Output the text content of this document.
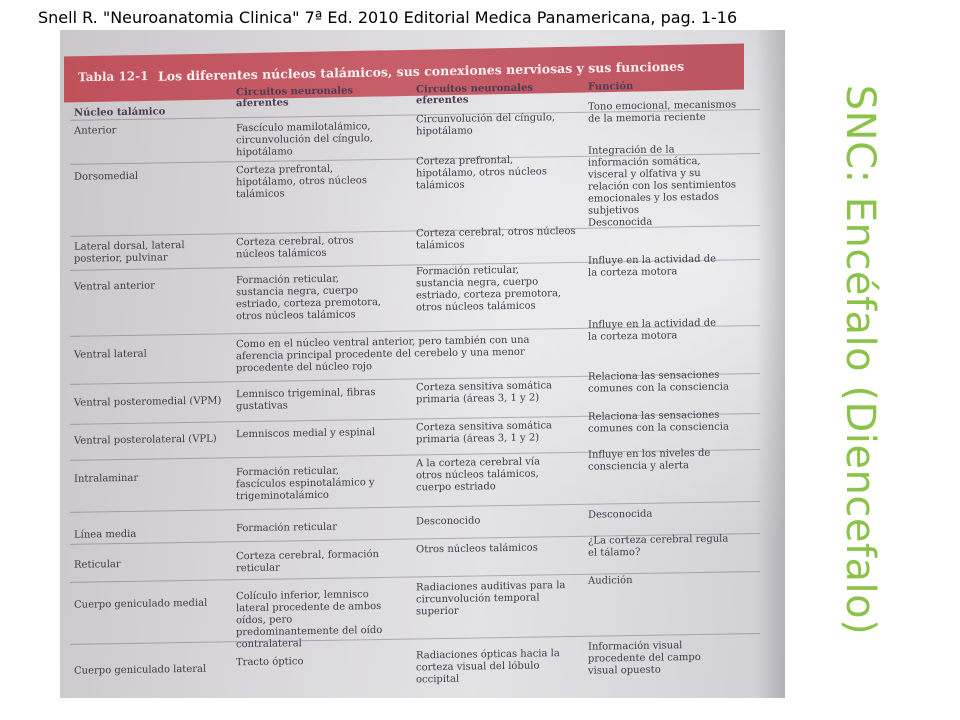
Snell R. "Neuroanatomia Clinica" 7ª Ed. 2010 Editorial Medica Panamericana, pag. 1-16
Tabla 12-1 Los diferentes núcleos talámicos, sus conexiones nerviosas y sus funciones
Núcleo talámico
Circuitos neuronales aferentes
Circuitos neuronales eferentes
Función
Anterior	Fascículo mamilotalámico, circunvolución del cíngulo, hipotálamo
Circunvolución del cíngulo, hipotálamo
Tono emocional, mecanismos de la memoria reciente
Dorsomedial
Corteza prefrontal, hipotálamo, otros núcleos talámicos
Corteza prefrontal, hipotálamo, otros núcleos talámicos
Integración de la información somática, visceral y olfativa y su relación con los sentimientos emocionales y los estados subjetivos
Lateral dorsal, lateral posterior, pulvinar
Corteza cerebral, otros núcleos talámicos
Corteza cerebral, otros núcleos talámicos
Desconocida
Ventral anterior
Formación reticular, sustancia negra, cuerpo estriado, corteza premotora, otros núcleos talámicos
Formación reticular, sustancia negra, cuerpo estriado, corteza premotora, otros núcleos talámicos
Influye en la actividad de la corteza motora
Ventral lateral
Como en el núcleo ventral anterior, pero también con una aferencia principal procedente del cerebelo y una menor procedente del núcleo rojo
Influye en la actividad de la corteza motora
Ventral posteromedial (VPM)
Lemnisco trigeminal, fibras gustativas
Corteza sensitiva somática primaria (áreas 3, 1 y 2)
Relaciona las sensaciones comunes con la consciencia
Ventral posterolateral (VPL)	Lemniscos medial y espinal
Corteza sensitiva somática primaria (áreas 3, 1 y 2)
Relaciona las sensaciones comunes con la consciencia
Intralaminar
Formación reticular, fascículos espinotalámico y trigeminotalámico
A la corteza cerebral vía otros núcleos talámicos, cuerpo estriado
Influye en los niveles de consciencia y alerta
Línea media
Formación reticular
Desconocido
Desconocida
Reticular
Corteza cerebral, formación reticular
Otros núcleos talámicos
¿La corteza cerebral regula el tálamo?
Cuerpo geniculado medial
Colículo inferior, lemnisco lateral procedente de ambos oídos, pero predominantemente del oído contralateral
Radiaciones auditivas para la circunvolución temporal superior
Audición
Cuerpo geniculado lateral
Tracto óptico
Radiaciones ópticas hacia la corteza visual del lóbulo occipital
Información visual procedente del campo visual opuesto
SNC: Encéfalo (Diencefalo)
